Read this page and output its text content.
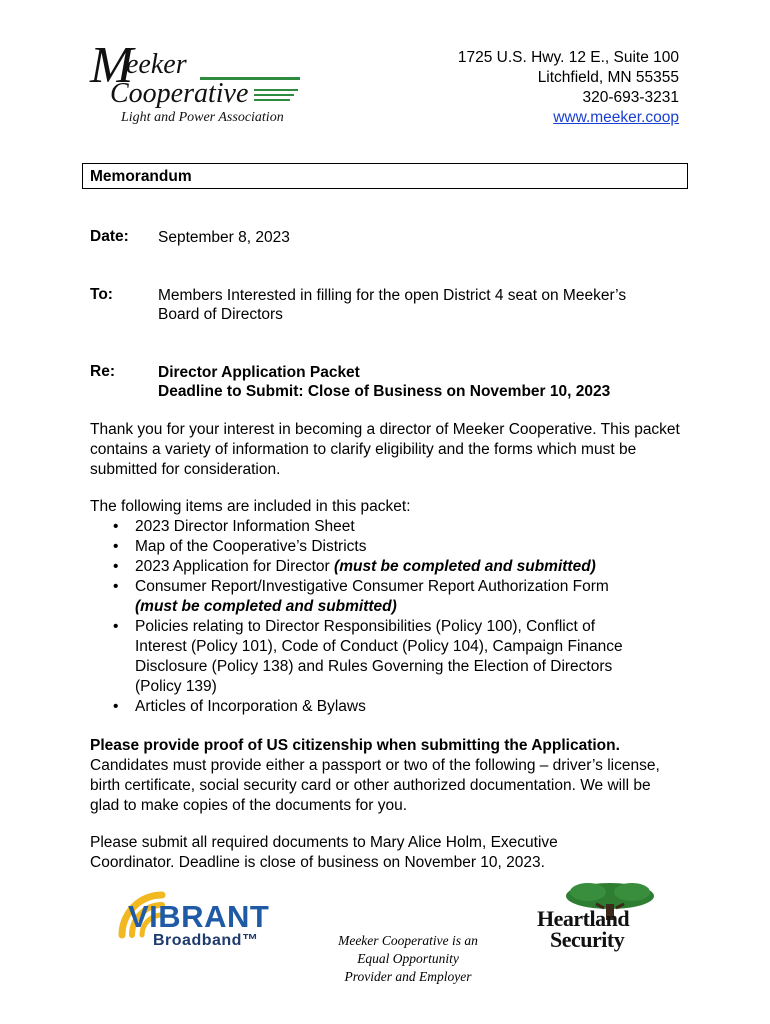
M
eeker
Cooperative
Light and Power Association
1725 U.S. Hwy. 12 E., Suite 100
Litchfield, MN 55355
320-693-3231
www.meeker.coop
Memorandum
Date: September 8, 2023
To:	Members Interested in filling for the open District 4 seat on Meeker’s
Board of Directors
Re:	Director Application Packet
Deadline to Submit: Close of Business on November 10, 2023
Thank you for your interest in becoming a director of Meeker Cooperative. This packet contains a variety of information to clarify eligibility and the forms which must be submitted for consideration.
The following items are included in this packet:
• 2023 Director Information Sheet
• Map of the Cooperative’s Districts
• 2023 Application for Director (must be completed and submitted)
• Consumer Report/Investigative Consumer Report Authorization Form
(must be completed and submitted)
• Policies relating to Director Responsibilities (Policy 100), Conflict of Interest (Policy 101), Code of Conduct (Policy 104), Campaign Finance Disclosure (Policy 138) and Rules Governing the Election of Directors (Policy 139)
• Articles of Incorporation & Bylaws
Please provide proof of US citizenship when submitting the Application.
Candidates must provide either a passport or two of the following – driver’s license, birth certificate, social security card or other authorized documentation. We will be glad to make copies of the documents for you.
Please submit all required documents to Mary Alice Holm, Executive Coordinator. Deadline is close of business on November 10, 2023.
VIBRANT
Broadband™	Meeker Cooperative is an
Equal Opportunity
Provider and Employer
Heartland
Security
